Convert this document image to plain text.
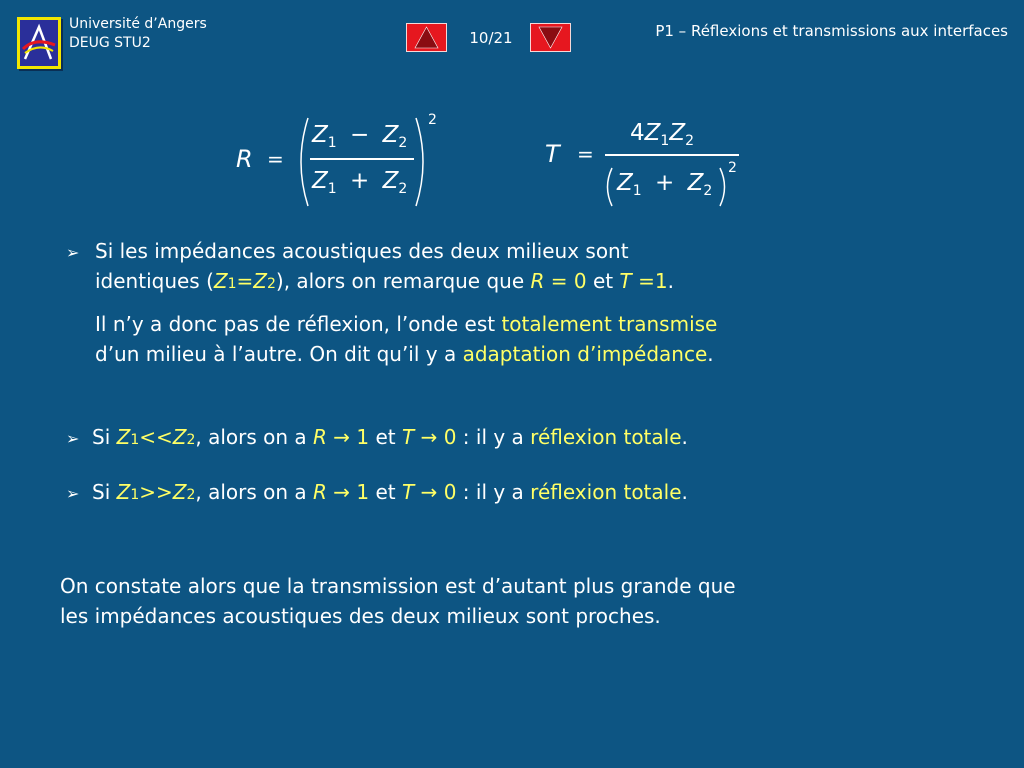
Université d’Angers
DEUG STU2	10/21	P1 – Réflexions et transmissions aux interfaces
R =
$Z_1 - Z_2$
$Z_1 + Z_2$
2
T =
$4Z_1Z_2$
$Z_1 + Z_2$
2
➢ Si les impédances acoustiques des deux milieux sont
identiques (Z1=Z2), alors on remarque que R = 0 et T =1.
Il n’y a donc pas de réflexion, l’onde est totalement transmise
d’un milieu à l’autre. On dit qu’il y a adaptation d’impédance.
➢ Si Z1<<Z2, alors on a R → 1 et T → 0 : il y a réflexion totale.
➢ Si Z1>>Z2, alors on a R → 1 et T → 0 : il y a réflexion totale.
On constate alors que la transmission est d’autant plus grande que
les impédances acoustiques des deux milieux sont proches.
